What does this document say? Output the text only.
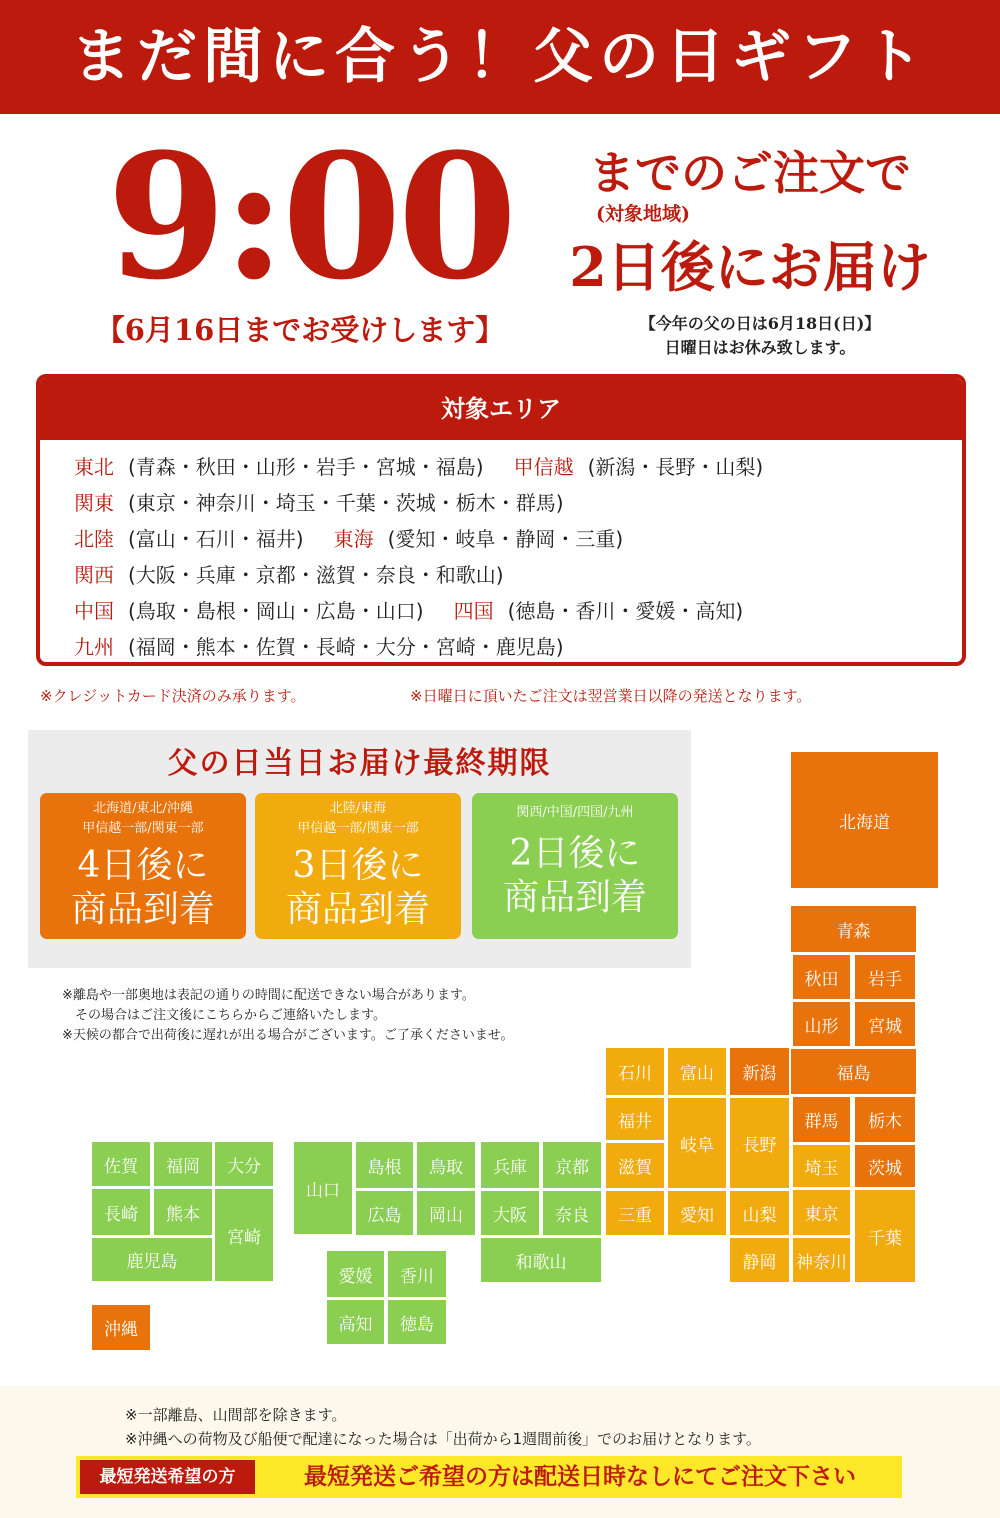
まだ間に合う！父の日ギフト
9:00
【6月16日までお受けします】
までのご注文で
(対象地域)
2日後にお届け
【今年の父の日は6月18日(日)】
日曜日はお休み致します。
対象エリア
東北 (青森・秋田・山形・岩手・宮城・福島) 甲信越 (新潟・長野・山梨)
関東 (東京・神奈川・埼玉・千葉・茨城・栃木・群馬)
北陸 (富山・石川・福井) 東海 (愛知・岐阜・静岡・三重)
関西 (大阪・兵庫・京都・滋賀・奈良・和歌山)
中国 (鳥取・島根・岡山・広島・山口) 四国 (徳島・香川・愛媛・高知)
九州 (福岡・熊本・佐賀・長崎・大分・宮崎・鹿児島)
※クレジットカード決済のみ承ります。	※日曜日に頂いたご注文は翌営業日以降の発送となります。
父の日当日お届け最終期限
北海道/東北/沖縄
甲信越一部/関東一部
4日後に
商品到着
北陸/東海
甲信越一部/関東一部
3日後に
商品到着
関西/中国/四国/九州
2日後に
商品到着
※離島や一部奥地は表記の通りの時間に配送できない場合があります。
　その場合はご注文後にこちらからご連絡いたします。
※天候の都合で出荷後に遅れが出る場合がございます。ご了承くださいませ。
北海道
青森
秋田	岩手
山形	宮城
福島
群馬	栃木
埼玉	茨城
東京
千葉
神奈川
石川	富山	新潟
福井
岐阜	長野
滋賀
三重	愛知	山梨
静岡
佐賀	福岡	大分
長崎	熊本
宮崎
鹿児島
沖縄
山口
島根	鳥取	兵庫	京都
広島	岡山	大阪	奈良
和歌山
愛媛	香川
高知	徳島
※一部離島、山間部を除きます。
※沖縄への荷物及び船便で配達になった場合は「出荷から1週間前後」でのお届けとなります。
最短発送希望の方	最短発送ご希望の方は配送日時なしにてご注文下さい
